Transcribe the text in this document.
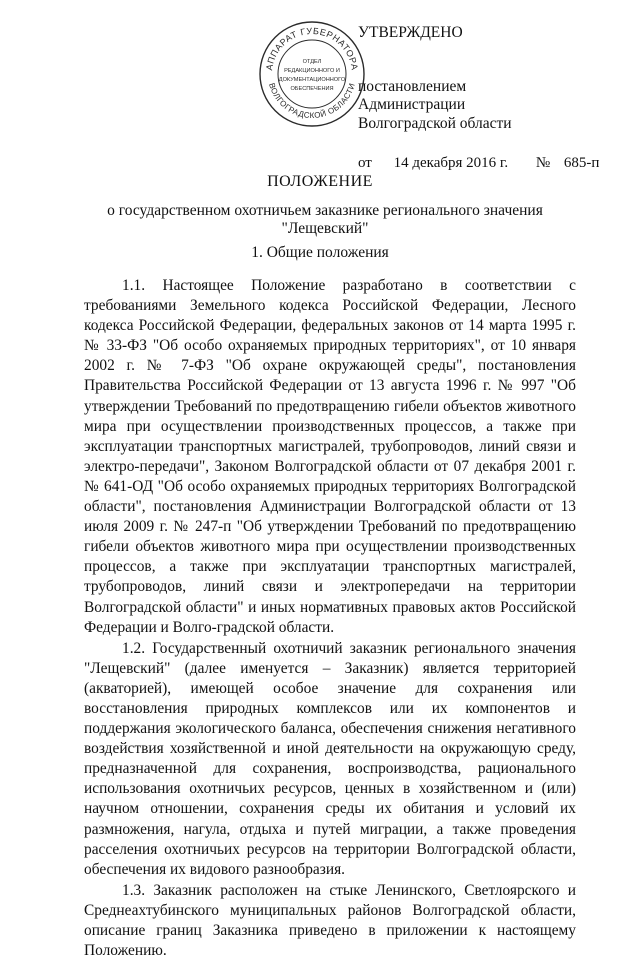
АППАРАТ ГУБЕРНАТОРА
ВОЛГОГРАДСКОЙ ОБЛАСТИ
ОТДЕЛ
РЕДАКЦИОННОГО И
ДОКУМЕНТАЦИОННОГО
ОБЕСПЕЧЕНИЯ
УТВЕРЖДЕНО
постановлением
Администрации
Волгоградской области
от 14 декабря 2016 г. № 685-п
ПОЛОЖЕНИЕ
о государственном охотничьем заказнике регионального значения "Лещевский"
1. Общие положения

1.1. Настоящее Положение разработано в соответствии с требованиями Земельного кодекса Российской Федерации, Лесного кодекса Российской Федерации, федеральных законов от 14 марта 1995 г. № 33-ФЗ "Об особо охраняемых природных территориях", от 10 января 2002 г. № 7-ФЗ "Об охране окружающей среды", постановления Правительства Российской Федерации от 13 августа 1996 г. № 997 "Об утверждении Требований по предотвращению гибели объектов животного мира при осуществлении производственных процессов, а также при эксплуатации транспортных магистралей, трубопроводов, линий связи и электро-передачи", Законом Волгоградской области от 07 декабря 2001 г. № 641-ОД "Об особо охраняемых природных территориях Волгоградской области", постановления Администрации Волгоградской области от 13 июля 2009 г. № 247-п "Об утверждении Требований по предотвращению гибели объектов животного мира при осуществлении производственных процессов, а также при эксплуатации транспортных магистралей, трубопроводов, линий связи и электропередачи на территории Волгоградской области" и иных нормативных правовых актов Российской Федерации и Волго-градской области.

1.2. Государственный охотничий заказник регионального значения "Лещевский" (далее именуется – Заказник) является территорией (акваторией), имеющей особое значение для сохранения или восстановления природных комплексов или их компонентов и поддержания экологического баланса, обеспечения снижения негативного воздействия хозяйственной и иной деятельности на окружающую среду, предназначенной для сохранения, воспроизводства, рационального использования охотничьих ресурсов, ценных в хозяйственном и (или) научном отношении, сохранения среды их обитания и условий их размножения, нагула, отдыха и путей миграции, а также проведения расселения охотничьих ресурсов на территории Волгоградской области, обеспечения их видового разнообразия.

1.3. Заказник расположен на стыке Ленинского, Светлоярского и Среднеахтубинского муниципальных районов Волгоградской области, описание границ Заказника приведено в приложении к настоящему Положению.
